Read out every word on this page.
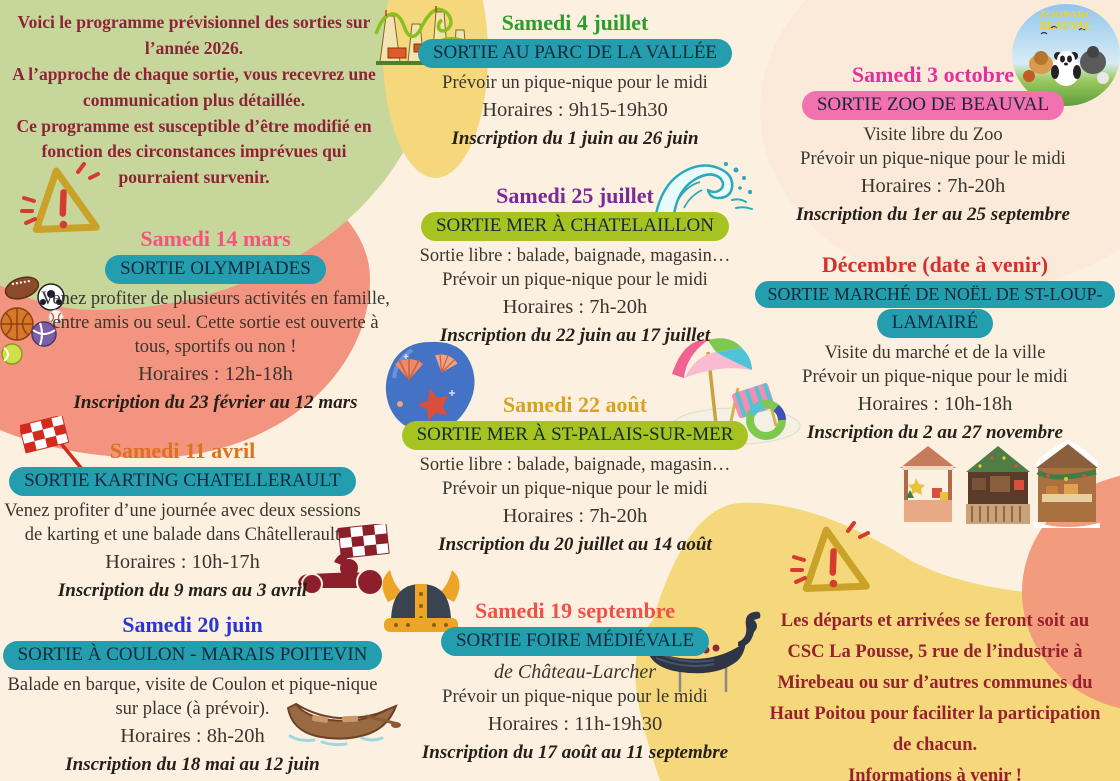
ZOOPARC
BEAUVAL
Voici le programme prévisionnel des sorties sur l’année 2026.
A l’approche de chaque sortie, vous recevrez une communication plus détaillée.
Ce programme est susceptible d’être modifié en fonction des circonstances imprévues qui pourraient survenir.
Samedi 14 mars
SORTIE OLYMPIADES
Venez profiter de plusieurs activités en famille, entre amis ou seul. Cette sortie est ouverte à tous, sportifs ou non !
Horaires : 12h-18h
Inscription du 23 février au 12 mars
Samedi 11 avril
SORTIE KARTING CHATELLERAULT
Venez profiter d’une journée avec deux sessions de karting et une balade dans Châtellerault
Horaires : 10h-17h
Inscription du 9 mars au 3 avril
Samedi 20 juin
SORTIE À COULON - MARAIS POITEVIN
Balade en barque, visite de Coulon et pique-nique sur place (à prévoir).
Horaires : 8h-20h
Inscription du 18 mai au 12 juin
Samedi 4 juillet
SORTIE AU PARC DE LA VALLÉE
Prévoir un pique-nique pour le midi
Horaires : 9h15-19h30
Inscription du 1 juin au 26 juin
Samedi 25 juillet
SORTIE MER À CHATELAILLON
Sortie libre : balade, baignade, magasin…
Prévoir un pique-nique pour le midi
Horaires : 7h-20h
Inscription du 22 juin au 17 juillet
Samedi 22 août
SORTIE MER À ST-PALAIS-SUR-MER
Sortie libre : balade, baignade, magasin…
Prévoir un pique-nique pour le midi
Horaires : 7h-20h
Inscription du 20 juillet au 14 août
Samedi 19 septembre
SORTIE FOIRE MÉDIÉVALE
de Château-Larcher
Prévoir un pique-nique pour le midi
Horaires : 11h-19h30
Inscription du 17 août au 11 septembre
Samedi 3 octobre
SORTIE ZOO DE BEAUVAL
Visite libre du Zoo
Prévoir un pique-nique pour le midi
Horaires : 7h-20h
Inscription du 1er au 25 septembre
Décembre (date à venir)
SORTIE MARCHÉ DE NOËL DE ST-LOUP-
LAMAIRÉ
Visite du marché et de la ville
Prévoir un pique-nique pour le midi
Horaires : 10h-18h
Inscription du 2 au 27 novembre
Les départs et arrivées se feront soit au CSC La Pousse, 5 rue de l’industrie à Mirebeau ou sur d’autres communes du Haut Poitou pour faciliter la participation de chacun.
Informations à venir !
